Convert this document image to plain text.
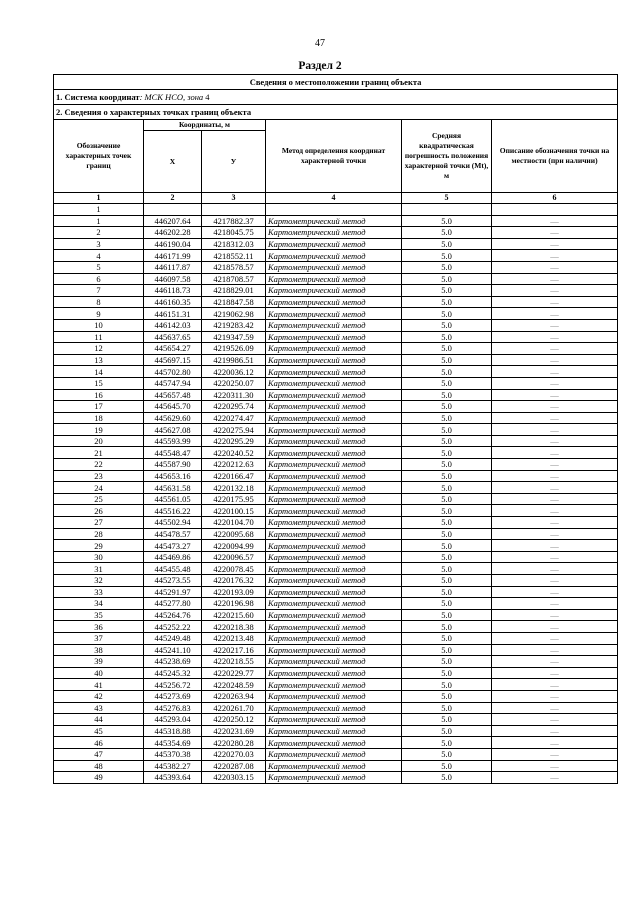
47
Раздел 2
Сведения о местоположении границ объекта					
1. Система координат: МСК НСО, зона 4					
2. Сведения о характерных точках границ объекта					
Обозначение характерных точек границ	Координаты, м		Метод определения координат характерной точки	Средняя квадратическая погрешность положения характерной точки (Mt), м	Описание обозначения точки на местности (при наличии)
	X	У			
1	2	3	4	5	6
1					
1	446207.64	4217882.37	Картометрический метод	5.0	—
2	446202.28	4218045.75	Картометрический метод	5.0	—
3	446190.04	4218312.03	Картометрический метод	5.0	—
4	446171.99	4218552.11	Картометрический метод	5.0	—
5	446117.87	4218578.57	Картометрический метод	5.0	—
6	446097.58	4218708.57	Картометрический метод	5.0	—
7	446118.73	4218829.01	Картометрический метод	5.0	—
8	446160.35	4218847.58	Картометрический метод	5.0	—
9	446151.31	4219062.98	Картометрический метод	5.0	—
10	446142.03	4219283.42	Картометрический метод	5.0	—
11	445637.65	4219347.59	Картометрический метод	5.0	—
12	445654.27	4219526.09	Картометрический метод	5.0	—
13	445697.15	4219986.51	Картометрический метод	5.0	—
14	445702.80	4220036.12	Картометрический метод	5.0	—
15	445747.94	4220250.07	Картометрический метод	5.0	—
16	445657.48	4220311.30	Картометрический метод	5.0	—
17	445645.70	4220295.74	Картометрический метод	5.0	—
18	445629.60	4220274.47	Картометрический метод	5.0	—
19	445627.08	4220275.94	Картометрический метод	5.0	—
20	445593.99	4220295.29	Картометрический метод	5.0	—
21	445548.47	4220240.52	Картометрический метод	5.0	—
22	445587.90	4220212.63	Картометрический метод	5.0	—
23	445653.16	4220166.47	Картометрический метод	5.0	—
24	445631.58	4220132.18	Картометрический метод	5.0	—
25	445561.05	4220175.95	Картометрический метод	5.0	—
26	445516.22	4220100.15	Картометрический метод	5.0	—
27	445502.94	4220104.70	Картометрический метод	5.0	—
28	445478.57	4220095.68	Картометрический метод	5.0	—
29	445473.27	4220094.99	Картометрический метод	5.0	—
30	445469.86	4220096.57	Картометрический метод	5.0	—
31	445455.48	4220078.45	Картометрический метод	5.0	—
32	445273.55	4220176.32	Картометрический метод	5.0	—
33	445291.97	4220193.09	Картометрический метод	5.0	—
34	445277.80	4220196.98	Картометрический метод	5.0	—
35	445264.76	4220215.60	Картометрический метод	5.0	—
36	445252.22	4220218.38	Картометрический метод	5.0	—
37	445249.48	4220213.48	Картометрический метод	5.0	—
38	445241.10	4220217.16	Картометрический метод	5.0	—
39	445238.69	4220218.55	Картометрический метод	5.0	—
40	445245.32	4220229.77	Картометрический метод	5.0	—
41	445256.72	4220248.59	Картометрический метод	5.0	—
42	445273.69	4220263.94	Картометрический метод	5.0	—
43	445276.83	4220261.70	Картометрический метод	5.0	—
44	445293.04	4220250.12	Картометрический метод	5.0	—
45	445318.88	4220231.69	Картометрический метод	5.0	—
46	445354.69	4220280.28	Картометрический метод	5.0	—
47	445370.38	4220270.03	Картометрический метод	5.0	—
48	445382.27	4220287.08	Картометрический метод	5.0	—
49	445393.64	4220303.15	Картометрический метод	5.0	—
